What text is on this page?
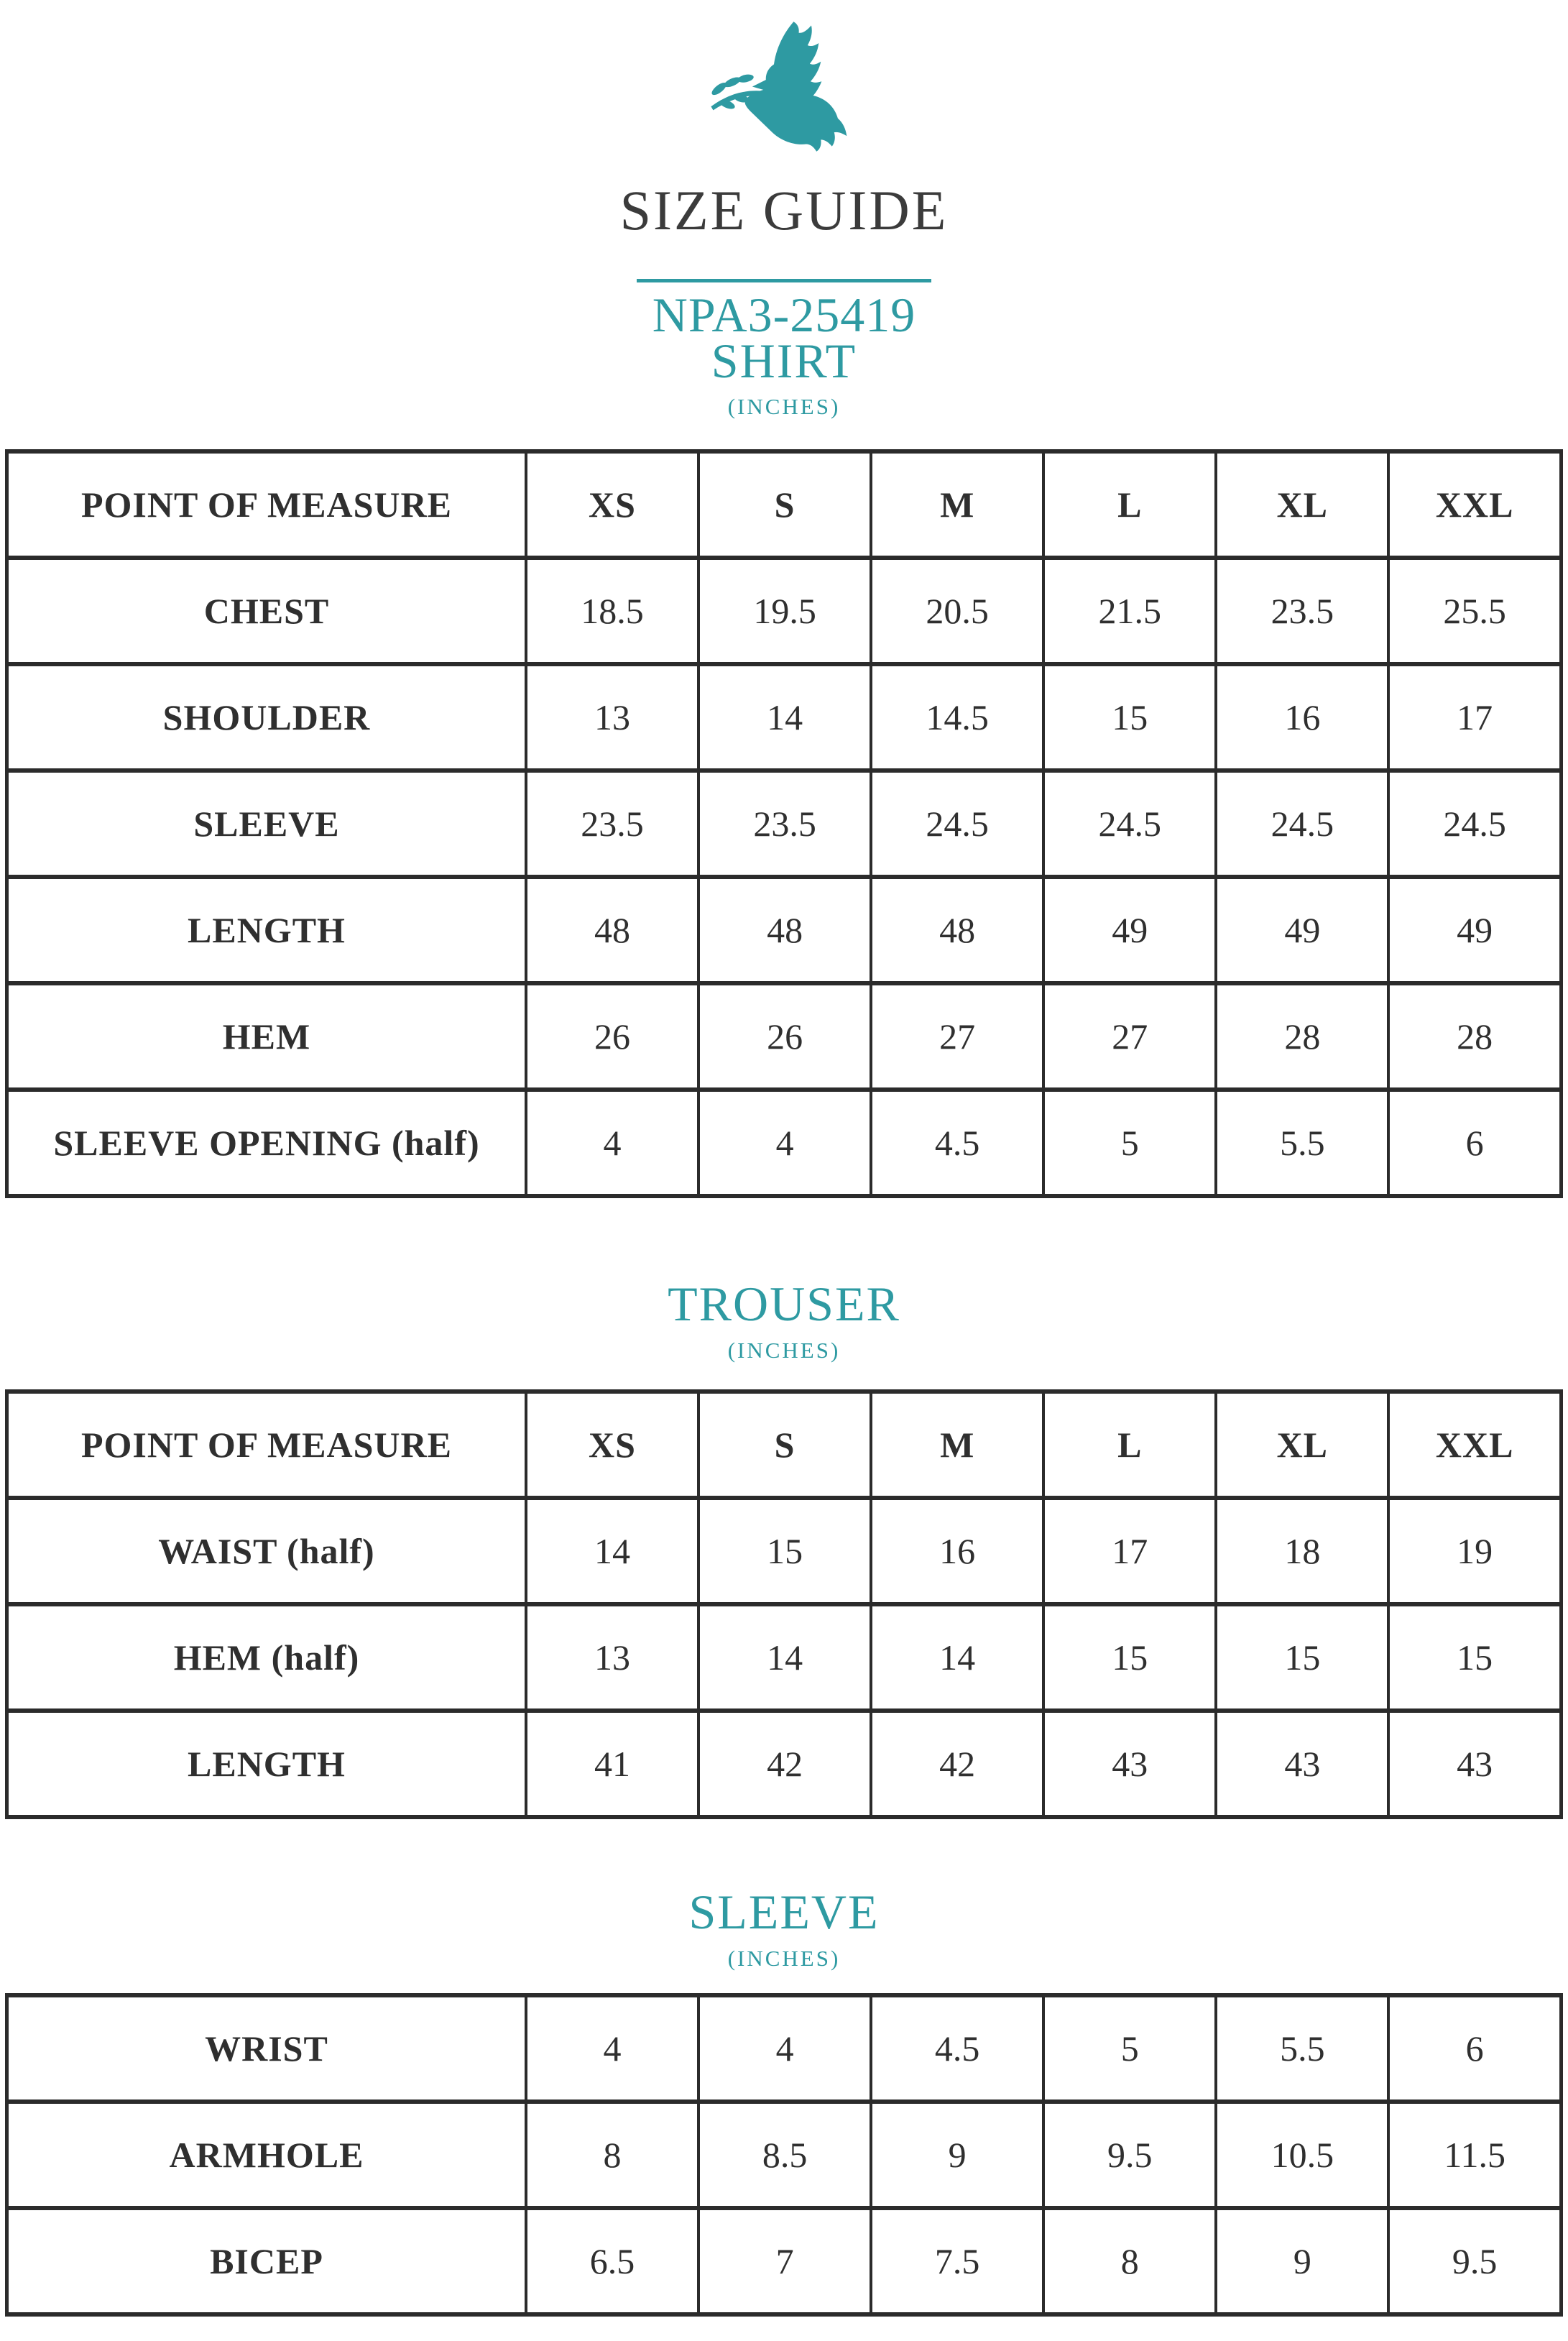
SIZE GUIDE
NPA3-25419
SHIRT
(INCHES)
POINT OF MEASURE	XS	S	M	L	XL	XXL
CHEST	18.5	19.5	20.5	21.5	23.5	25.5
SHOULDER	13	14	14.5	15	16	17
SLEEVE	23.5	23.5	24.5	24.5	24.5	24.5
LENGTH	48	48	48	49	49	49
HEM	26	26	27	27	28	28
SLEEVE OPENING (half)	4	4	4.5	5	5.5	6
TROUSER
(INCHES)
POINT OF MEASURE	XS	S	M	L	XL	XXL
WAIST (half)	14	15	16	17	18	19
HEM (half)	13	14	14	15	15	15
LENGTH	41	42	42	43	43	43
SLEEVE
(INCHES)
WRIST	4	4	4.5	5	5.5	6
ARMHOLE	8	8.5	9	9.5	10.5	11.5
BICEP	6.5	7	7.5	8	9	9.5
